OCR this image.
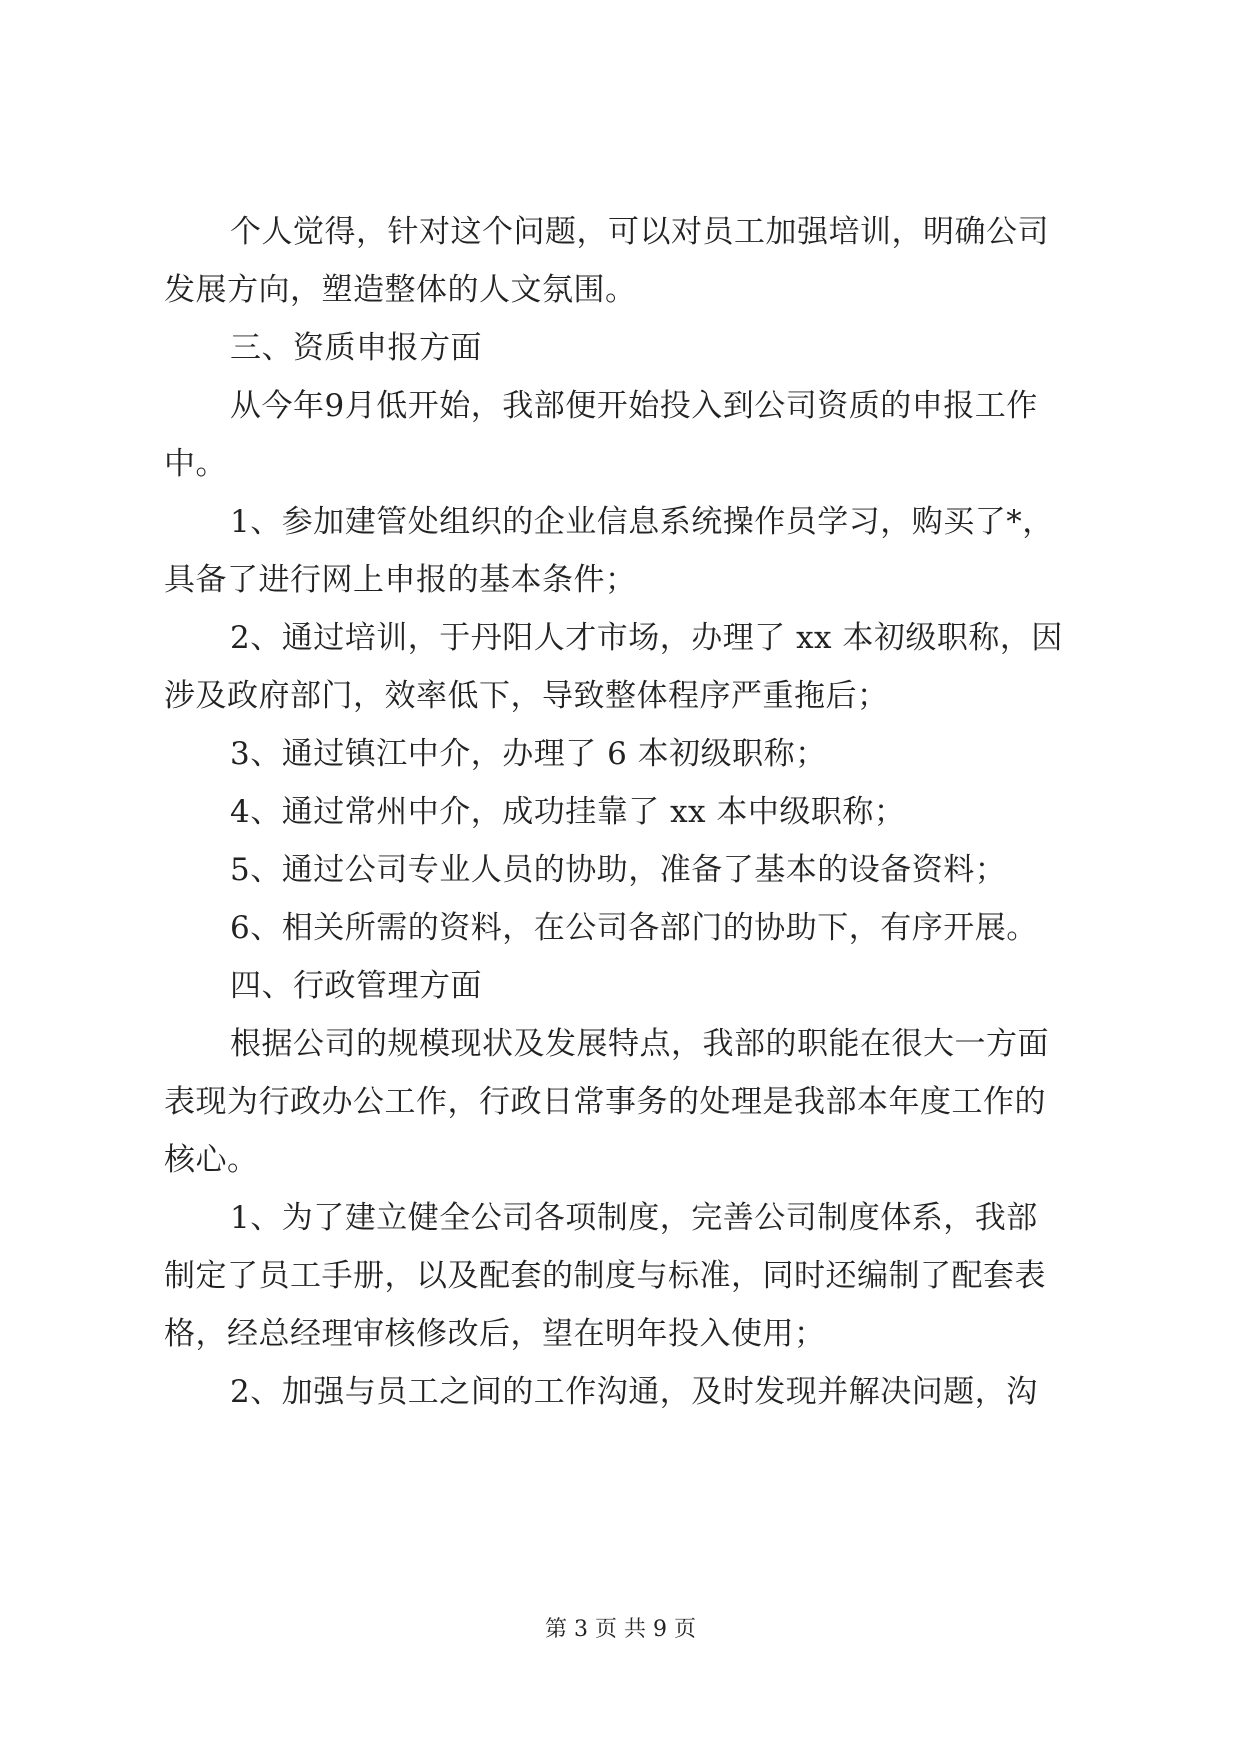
个人觉得，针对这个问题，可以对员工加强培训，明确公司
发展方向，塑造整体的人文氛围。
三、资质申报方面
从今年9月低开始，我部便开始投入到公司资质的申报工作
中。
1、参加建管处组织的企业信息系统操作员学习，购买了*，
具备了进行网上申报的基本条件；
2、通过培训，于丹阳人才市场，办理了 xx 本初级职称，因
涉及政府部门，效率低下，导致整体程序严重拖后；
3、通过镇江中介，办理了 6 本初级职称；
4、通过常州中介，成功挂靠了 xx 本中级职称；
5、通过公司专业人员的协助，准备了基本的设备资料；
6、相关所需的资料，在公司各部门的协助下，有序开展。
四、行政管理方面
根据公司的规模现状及发展特点，我部的职能在很大一方面
表现为行政办公工作，行政日常事务的处理是我部本年度工作的
核心。
1、为了建立健全公司各项制度，完善公司制度体系，我部
制定了员工手册，以及配套的制度与标准，同时还编制了配套表
格，经总经理审核修改后，望在明年投入使用；
2、加强与员工之间的工作沟通，及时发现并解决问题，沟
第 3 页 共 9 页
